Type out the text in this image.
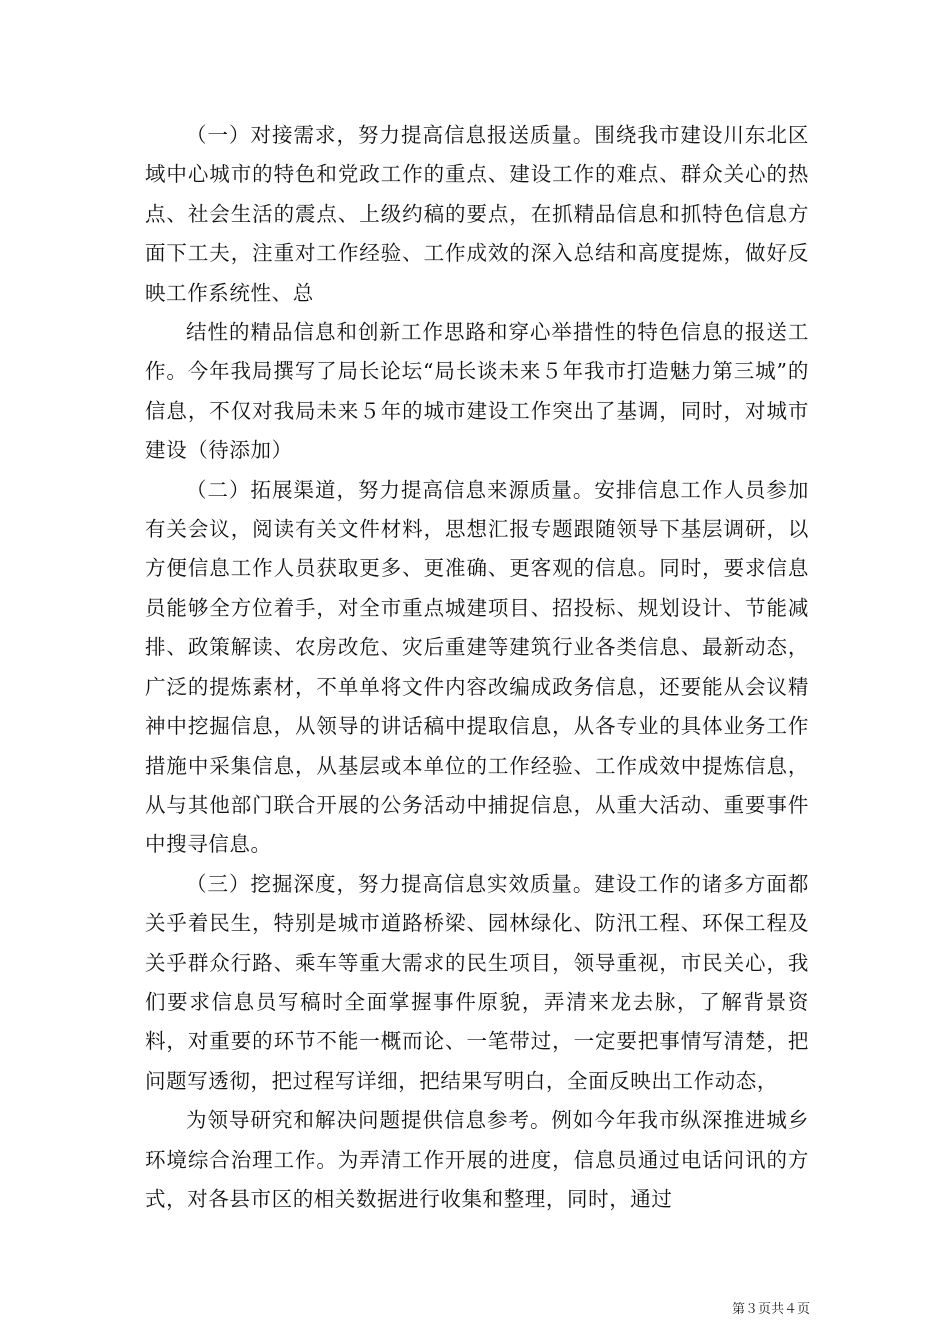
（一）对接需求，努力提高信息报送质量。围绕我市建设川东北区域中心城市的特色和党政工作的重点、建设工作的难点、群众关心的热点、社会生活的震点、上级约稿的要点，在抓精品信息和抓特色信息方面下工夫，注重对工作经验、工作成效的深入总结和高度提炼，做好反映工作系统性、总

结性的精品信息和创新工作思路和穿心举措性的特色信息的报送工作。今年我局撰写了局长论坛“局长谈未来５年我市打造魅力第三城”的信息，不仅对我局未来５年的城市建设工作突出了基调，同时，对城市建设（待添加）

（二）拓展渠道，努力提高信息来源质量。安排信息工作人员参加有关会议，阅读有关文件材料，思想汇报专题跟随领导下基层调研，以方便信息工作人员获取更多、更准确、更客观的信息。同时，要求信息员能够全方位着手，对全市重点城建项目、招投标、规划设计、节能减排、政策解读、农房改危、灾后重建等建筑行业各类信息、最新动态，广泛的提炼素材，不单单将文件内容改编成政务信息，还要能从会议精神中挖掘信息，从领导的讲话稿中提取信息，从各专业的具体业务工作措施中采集信息，从基层或本单位的工作经验、工作成效中提炼信息，从与其他部门联合开展的公务活动中捕捉信息，从重大活动、重要事件中搜寻信息。

（三）挖掘深度，努力提高信息实效质量。建设工作的诸多方面都关乎着民生，特别是城市道路桥梁、园林绿化、防汛工程、环保工程及关乎群众行路、乘车等重大需求的民生项目，领导重视，市民关心，我们要求信息员写稿时全面掌握事件原貌，弄清来龙去脉，了解背景资料，对重要的环节不能一概而论、一笔带过，一定要把事情写清楚，把问题写透彻，把过程写详细，把结果写明白，全面反映出工作动态，

为领导研究和解决问题提供信息参考。例如今年我市纵深推进城乡环境综合治理工作。为弄清工作开展的进度，信息员通过电话问讯的方式，对各县市区的相关数据进行收集和整理，同时，通过

第３页共４页
